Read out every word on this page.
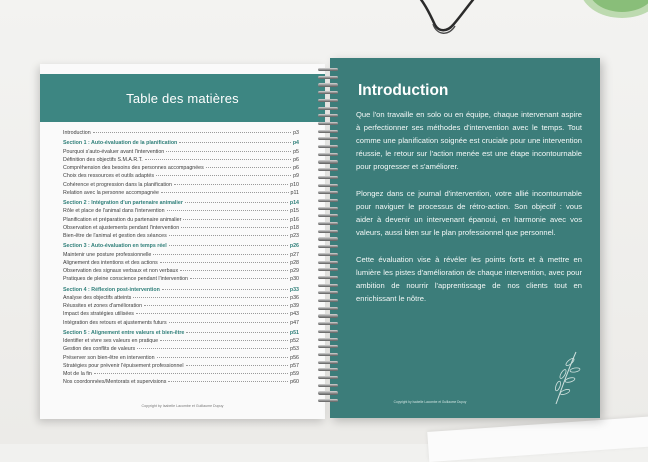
Table des matières
Introduction	p3
Section 1 : Auto-évaluation de la planification	p4
Pourquoi s'auto-évaluer avant l'intervention	p5
Définition des objectifs S.M.A.R.T.	p6
Compréhension des besoins des personnes accompagnées	p6
Choix des ressources et outils adaptés	p9
Cohérence et progression dans la planification	p10
Relation avec la personne accompagnée	p11
Section 2 : Intégration d'un partenaire animalier	p14
Rôle et place de l'animal dans l'intervention	p15
Planification et préparation du partenaire animalier	p16
Observation et ajustements pendant l'intervention	p18
Bien-être de l'animal et gestion des séances	p23
Section 3 : Auto-évaluation en temps réel	p26
Maintenir une posture professionnelle	p27
Alignement des intentions et des actions	p28
Observation des signaux verbaux et non verbaux	p29
Pratiques de pleine conscience pendant l'intervention	p30
Section 4 : Réflexion post-intervention	p33
Analyse des objectifs atteints	p36
Réussites et zones d'amélioration	p39
Impact des stratégies utilisées	p43
Intégration des retours et ajustements futurs	p47
Section 5 : Alignement entre valeurs et bien-être	p51
Identifier et vivre ses valeurs en pratique	p52
Gestion des conflits de valeurs	p53
Préserver son bien-être en intervention	p56
Stratégies pour prévenir l'épuisement professionnel	p57
Mot de la fin	p59
Nos coordonnées/Mentorats et supervisions	p60
Copyright by Isabelle Lacombe et Guillaume Dupuy
Introduction

Que l'on travaille en solo ou en équipe, chaque intervenant aspire à perfectionner ses méthodes d'intervention avec le temps. Tout comme une planification soignée est cruciale pour une intervention réussie, le retour sur l'action menée est une étape incontournable pour progresser et s'améliorer.

Plongez dans ce journal d'intervention, votre allié incontournable pour naviguer le processus de rétro-action. Son objectif : vous aider à devenir un intervenant épanoui, en harmonie avec vos valeurs, aussi bien sur le plan professionnel que personnel.

Cette évaluation vise à révéler les points forts et à mettre en lumière les pistes d'amélioration de chaque intervention, avec pour ambition de nourrir l'apprentissage de nos clients tout en enrichissant le nôtre.

Copyright by Isabelle Lacombe et Guillaume Dupuy
